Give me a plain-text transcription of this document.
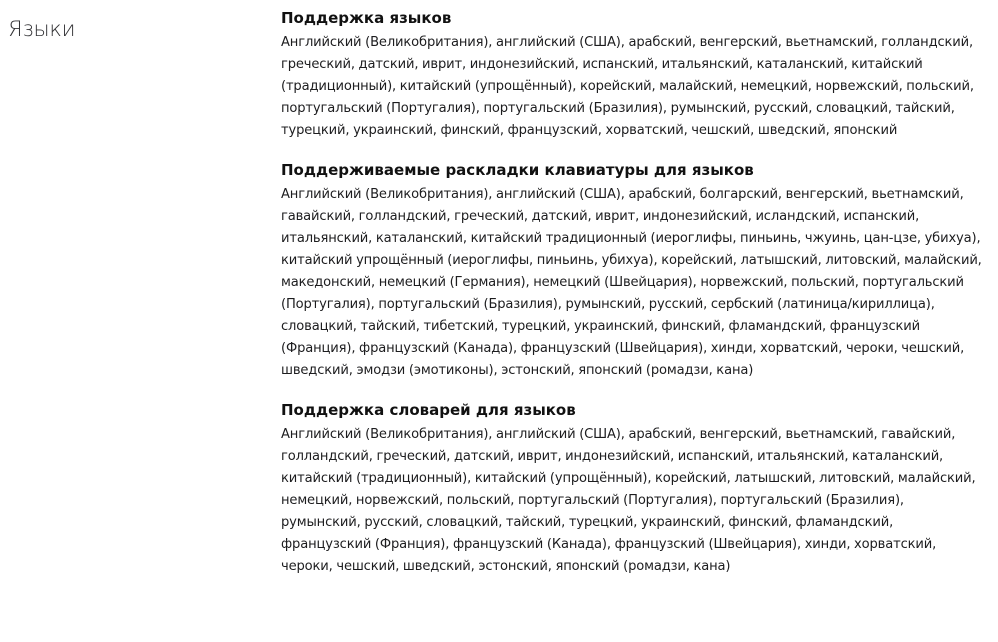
Языки	Поддержка языков

Английский (Великобритания), английский (США), арабский, венгерский, вьетнамский, голландский, греческий, датский, иврит, индонезийский, испанский, итальянский, каталанский, китайский (традиционный), китайский (упрощённый), корейский, малайский, немецкий, норвежский, польский, португальский (Португалия), португальский (Бразилия), румынский, русский, словацкий, тайский, турецкий, украинский, финский, французский, хорватский, чешский, шведский, японский

Поддерживаемые раскладки клавиатуры для языков

Английский (Великобритания), английский (США), арабский, болгарский, венгерский, вьетнамский, гавайский, голландский, греческий, датский, иврит, индонезийский, исландский, испанский, итальянский, каталанский, китайский традиционный (иероглифы, пиньинь, чжуинь, цан-цзе, убихуа), китайский упрощённый (иероглифы, пиньинь, убихуа), корейский, латышский, литовский, малайский, македонский, немецкий (Германия), немецкий (Швейцария), норвежский, польский, португальский (Португалия), португальский (Бразилия), румынский, русский, сербский (латиница/кириллица), словацкий, тайский, тибетский, турецкий, украинский, финский, фламандский, французский (Франция), французский (Канада), французский (Швейцария), хинди, хорватский, чероки, чешский, шведский, эмодзи (эмотиконы), эстонский, японский (ромадзи, кана)

Поддержка словарей для языков

Английский (Великобритания), английский (США), арабский, венгерский, вьетнамский, гавайский, голландский, греческий, датский, иврит, индонезийский, испанский, итальянский, каталанский, китайский (традиционный), китайский (упрощённый), корейский, латышский, литовский, малайский, немецкий, норвежский, польский, португальский (Португалия), португальский (Бразилия), румынский, русский, словацкий, тайский, турецкий, украинский, финский, фламандский, французский (Франция), французский (Канада), французский (Швейцария), хинди, хорватский, чероки, чешский, шведский, эстонский, японский (ромадзи, кана)
